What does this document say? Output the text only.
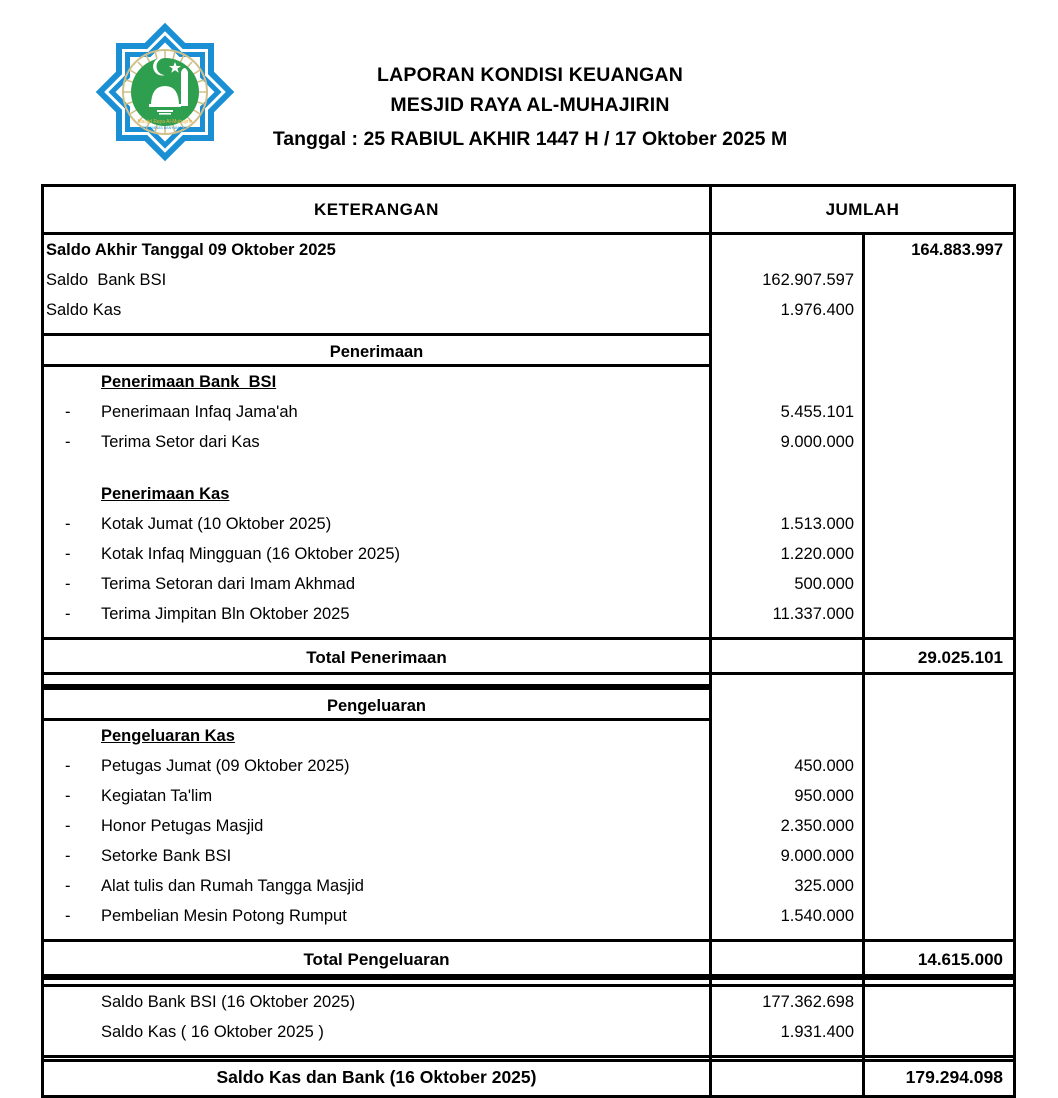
Masjid Raya Al-Muhajirin
PERUMNAS BANYUMANIK
LAPORAN KONDISI KEUANGAN
MESJID RAYA AL-MUHAJIRIN
Tanggal : 25 RABIUL AKHIR 1447 H / 17 Oktober 2025 M
KETERANGAN	JUMLAH
Saldo Akhir Tanggal 09 Oktober 2025	164.883.997
Saldo  Bank BSI	162.907.597
Saldo Kas	1.976.400
Penerimaan
Penerimaan Bank  BSI
- Penerimaan Infaq Jama'ah	5.455.101
- Terima Setor dari Kas	9.000.000
Penerimaan Kas
- Kotak Jumat (10 Oktober 2025)	1.513.000
- Kotak Infaq Mingguan (16 Oktober 2025)	1.220.000
- Terima Setoran dari Imam Akhmad	500.000
- Terima Jimpitan Bln Oktober 2025	11.337.000
Total Penerimaan	29.025.101
Pengeluaran
Pengeluaran Kas
- Petugas Jumat (09 Oktober 2025)	450.000
- Kegiatan Ta'lim	950.000
- Honor Petugas Masjid	2.350.000
- Setorke Bank BSI	9.000.000
- Alat tulis dan Rumah Tangga Masjid	325.000
- Pembelian Mesin Potong Rumput	1.540.000
Total Pengeluaran	14.615.000
Saldo Bank BSI (16 Oktober 2025)	177.362.698
Saldo Kas ( 16 Oktober 2025 )	1.931.400
Saldo Kas dan Bank (16 Oktober 2025)	179.294.098
